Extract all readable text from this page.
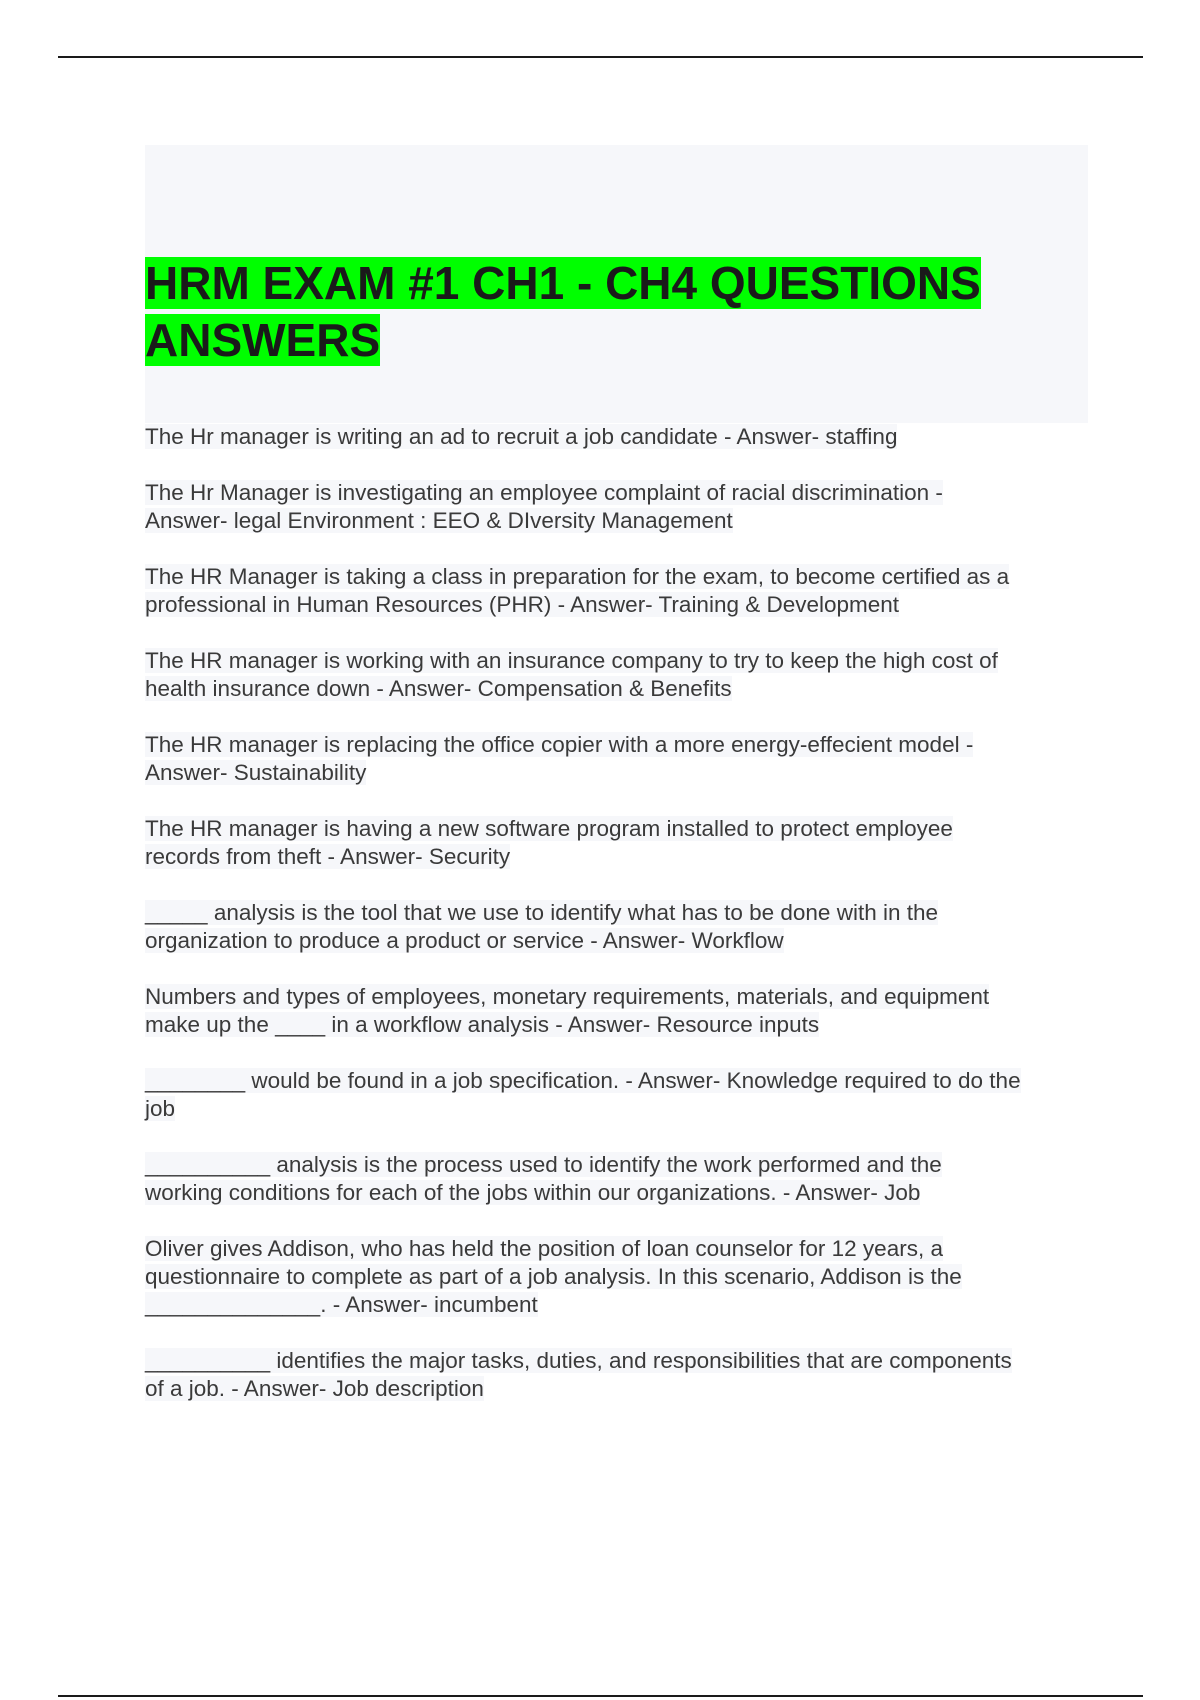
HRM EXAM #1 CH1 - CH4 QUESTIONS
ANSWERS
The Hr manager is writing an ad to recruit a job candidate - Answer- staffing
The Hr Manager is investigating an employee complaint of racial discrimination -
Answer- legal Environment : EEO & DIversity Management
The HR Manager is taking a class in preparation for the exam, to become certified as a
professional in Human Resources (PHR) - Answer- Training & Development
The HR manager is working with an insurance company to try to keep the high cost of
health insurance down - Answer- Compensation & Benefits
The HR manager is replacing the office copier with a more energy-effecient model -
Answer- Sustainability
The HR manager is having a new software program installed to protect employee
records from theft - Answer- Security
_____ analysis is the tool that we use to identify what has to be done with in the
organization to produce a product or service - Answer- Workflow
Numbers and types of employees, monetary requirements, materials, and equipment
make up the ____ in a workflow analysis - Answer- Resource inputs
________ would be found in a job specification. - Answer- Knowledge required to do the
job
__________ analysis is the process used to identify the work performed and the
working conditions for each of the jobs within our organizations. - Answer- Job
Oliver gives Addison, who has held the position of loan counselor for 12 years, a
questionnaire to complete as part of a job analysis. In this scenario, Addison is the
______________. - Answer- incumbent
__________ identifies the major tasks, duties, and responsibilities that are components
of a job. - Answer- Job description
